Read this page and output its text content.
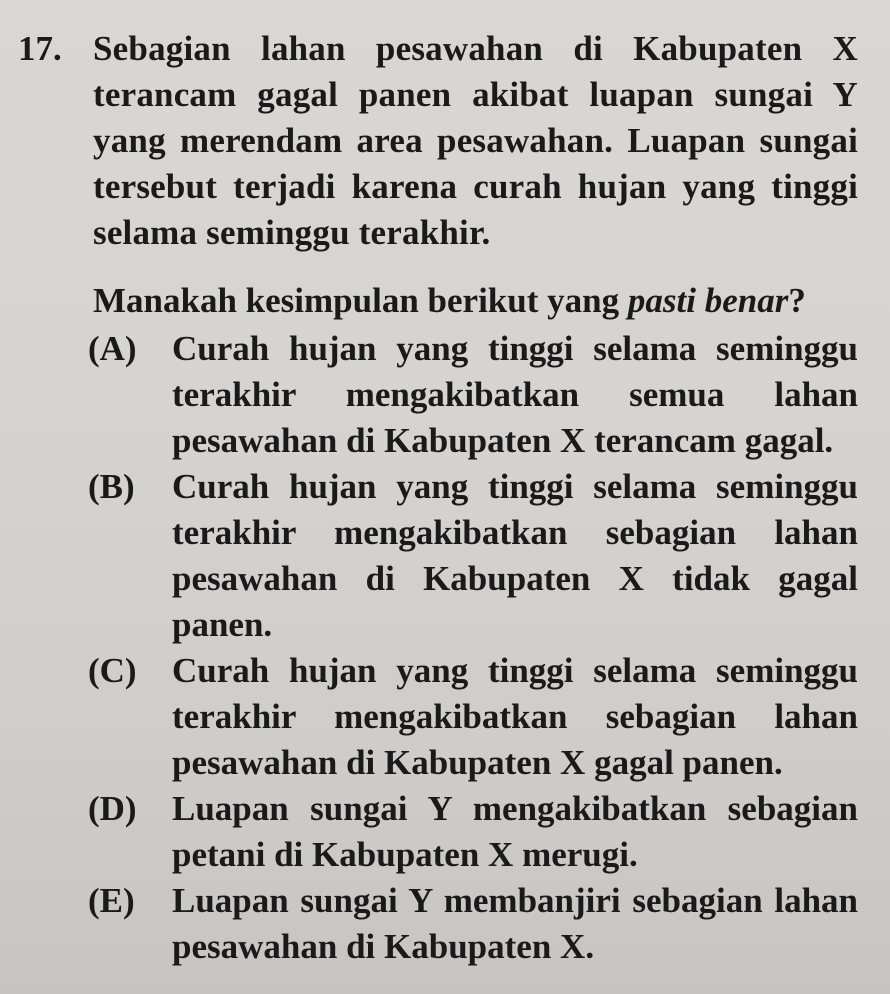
17. Sebagian lahan pesawahan di Kabupaten X terancam gagal panen akibat luapan sungai Y yang merendam area pesawahan. Luapan sungai tersebut terjadi karena curah hujan yang tinggi selama seminggu terakhir.
Manakah kesimpulan berikut yang pasti benar?
(A)	Curah hujan yang tinggi selama seminggu terakhir mengakibatkan semua lahan pesawahan di Kabupaten X terancam gagal.
(B)	Curah hujan yang tinggi selama seminggu terakhir mengakibatkan sebagian lahan pesawahan di Kabupaten X tidak gagal panen.
(C)	Curah hujan yang tinggi selama seminggu terakhir mengakibatkan sebagian lahan pesawahan di Kabupaten X gagal panen.
(D)	Luapan sungai Y mengakibatkan sebagian petani di Kabupaten X merugi.
(E)	Luapan sungai Y membanjiri sebagian lahan pesawahan di Kabupaten X.
